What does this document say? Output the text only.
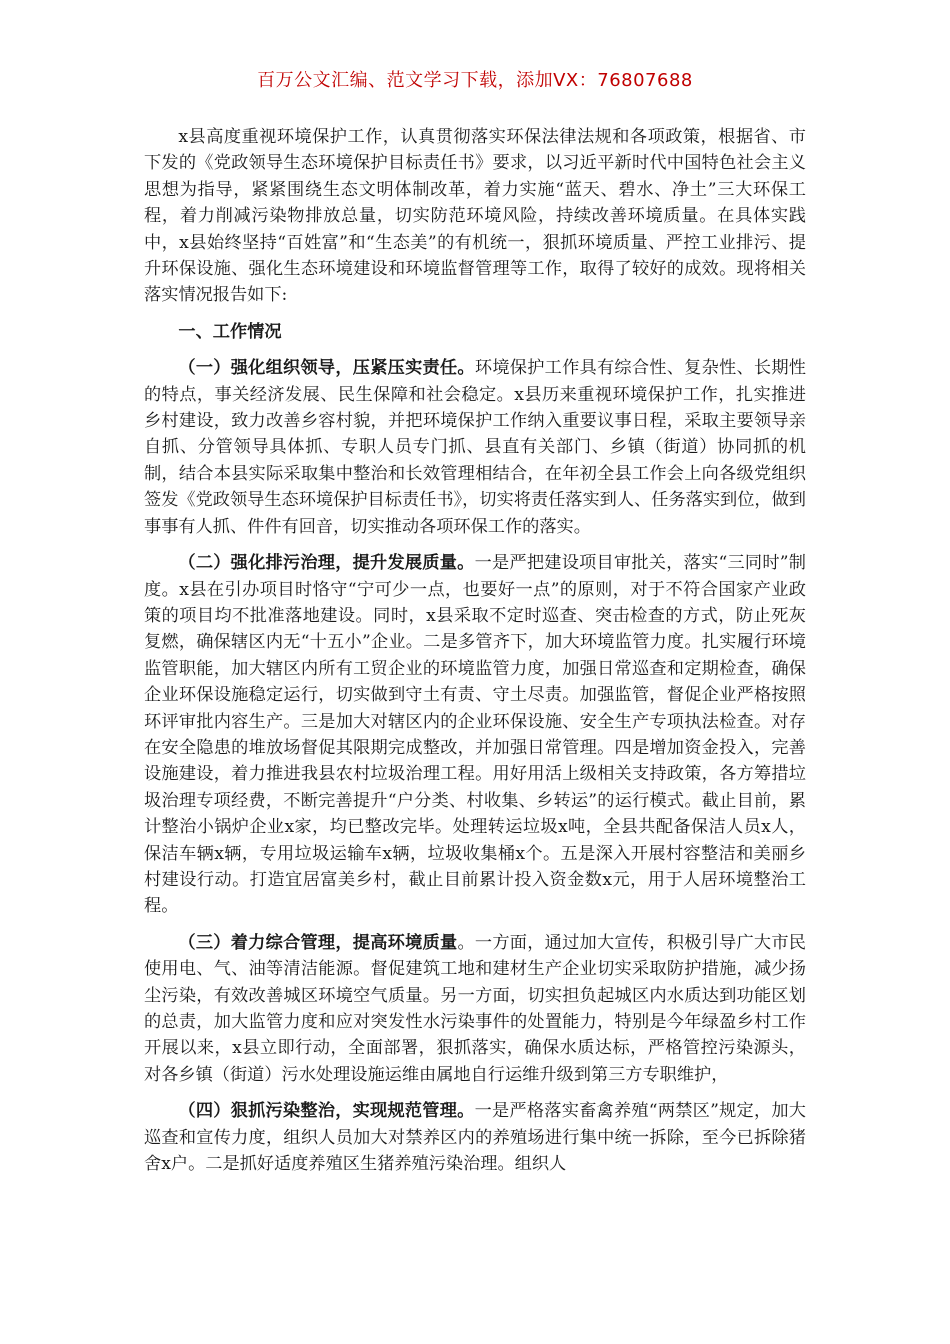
百万公文汇编、范文学习下载，添加VX：76807688

x县高度重视环境保护工作，认真贯彻落实环保法律法规和各项政策，根据省、市下发的《党政领导生态环境保护目标责任书》要求，以习近平新时代中国特色社会主义思想为指导，紧紧围绕生态文明体制改革，着力实施“蓝天、碧水、净土”三大环保工程，着力削减污染物排放总量，切实防范环境风险，持续改善环境质量。在具体实践中，x县始终坚持“百姓富”和“生态美”的有机统一，狠抓环境质量、严控工业排污、提升环保设施、强化生态环境建设和环境监督管理等工作，取得了较好的成效。现将相关落实情况报告如下:

一、工作情况

（一）强化组织领导，压紧压实责任。环境保护工作具有综合性、复杂性、长期性的特点，事关经济发展、民生保障和社会稳定。x县历来重视环境保护工作，扎实推进乡村建设，致力改善乡容村貌，并把环境保护工作纳入重要议事日程，采取主要领导亲自抓、分管领导具体抓、专职人员专门抓、县直有关部门、乡镇（街道）协同抓的机制，结合本县实际采取集中整治和长效管理相结合，在年初全县工作会上向各级党组织签发《党政领导生态环境保护目标责任书》，切实将责任落实到人、任务落实到位，做到事事有人抓、件件有回音，切实推动各项环保工作的落实。

（二）强化排污治理，提升发展质量。一是严把建设项目审批关，落实“三同时”制度。x县在引办项目时恪守“宁可少一点，也要好一点”的原则，对于不符合国家产业政策的项目均不批准落地建设。同时，x县采取不定时巡查、突击检查的方式，防止死灰复燃，确保辖区内无“十五小”企业。二是多管齐下，加大环境监管力度。扎实履行环境监管职能，加大辖区内所有工贸企业的环境监管力度，加强日常巡查和定期检查，确保企业环保设施稳定运行，切实做到守土有责、守土尽责。加强监管，督促企业严格按照环评审批内容生产。三是加大对辖区内的企业环保设施、安全生产专项执法检查。对存在安全隐患的堆放场督促其限期完成整改，并加强日常管理。四是增加资金投入，完善设施建设，着力推进我县农村垃圾治理工程。用好用活上级相关支持政策，各方筹措垃圾治理专项经费，不断完善提升“户分类、村收集、乡转运”的运行模式。截止目前，累计整治小锅炉企业x家，均已整改完毕。处理转运垃圾x吨，全县共配备保洁人员x人，保洁车辆x辆，专用垃圾运输车x辆，垃圾收集桶x个。五是深入开展村容整洁和美丽乡村建设行动。打造宜居富美乡村，截止目前累计投入资金数x元，用于人居环境整治工程。

（三）着力综合管理，提高环境质量。一方面，通过加大宣传，积极引导广大市民使用电、气、油等清洁能源。督促建筑工地和建材生产企业切实采取防护措施，减少扬尘污染，有效改善城区环境空气质量。另一方面，切实担负起城区内水质达到功能区划的总责，加大监管力度和应对突发性水污染事件的处置能力，特别是今年绿盈乡村工作开展以来，x县立即行动，全面部署，狠抓落实，确保水质达标，严格管控污染源头，对各乡镇（街道）污水处理设施运维由属地自行运维升级到第三方专职维护，

（四）狠抓污染整治，实现规范管理。一是严格落实畜禽养殖“两禁区”规定，加大巡查和宣传力度，组织人员加大对禁养区内的养殖场进行集中统一拆除，至今已拆除猪舍x户。二是抓好适度养殖区生猪养殖污染治理。组织人
